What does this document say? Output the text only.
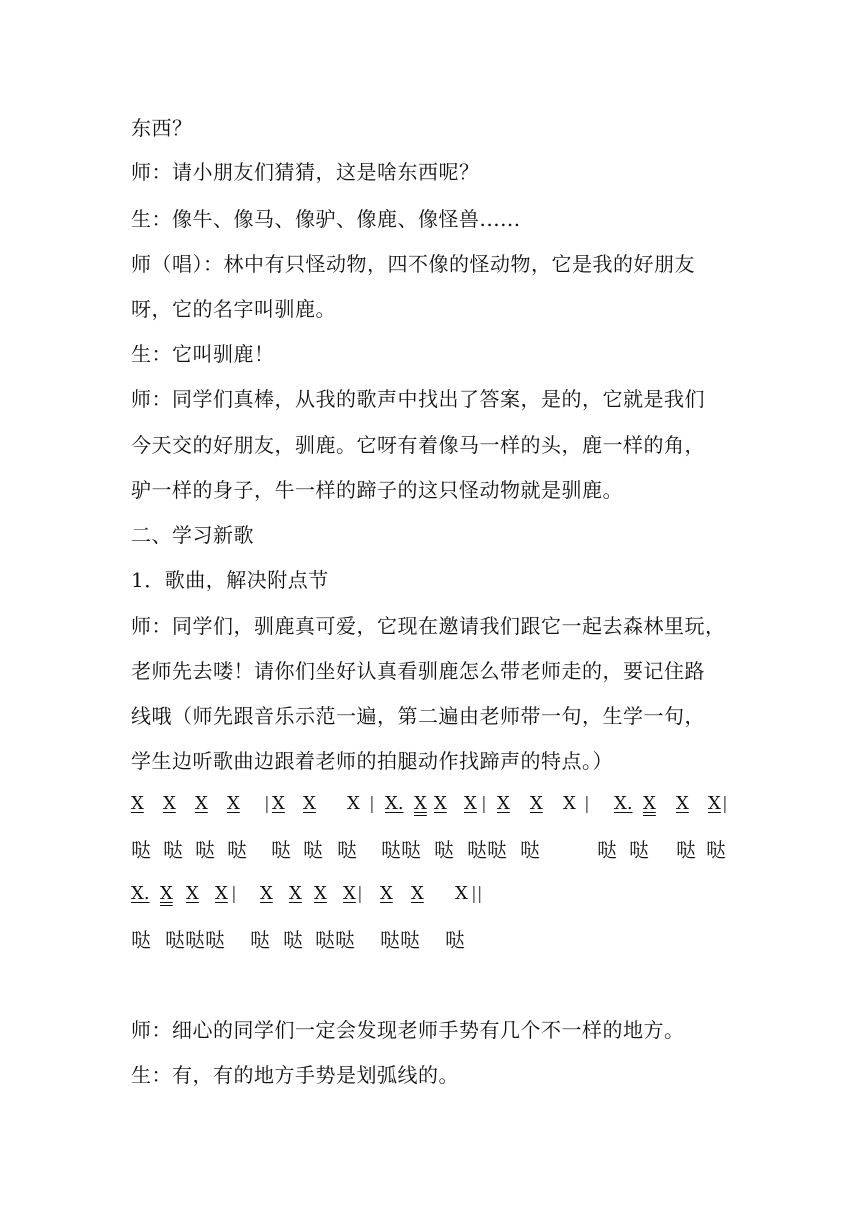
东西？
师：请小朋友们猜猜，这是啥东西呢？
生：像牛、像马、像驴、像鹿、像怪兽......
师（唱）：林中有只怪动物，四不像的怪动物，它是我的好朋友
呀，它的名字叫驯鹿。
生：它叫驯鹿！
师：同学们真棒，从我的歌声中找出了答案，是的，它就是我们
今天交的好朋友，驯鹿。它呀有着像马一样的头，鹿一样的角，
驴一样的身子，牛一样的蹄子的这只怪动物就是驯鹿。
二、学习新歌
1．歌曲，解决附点节
师：同学们，驯鹿真可爱，它现在邀请我们跟它一起去森林里玩，
老师先去喽！请你们坐好认真看驯鹿怎么带老师走的，要记住路
线哦（师先跟音乐示范一遍，第二遍由老师带一句，生学一句，
学生边听歌曲边跟着老师的拍腿动作找蹄声的特点。）
X X X X | X X X | X. X X X | X X X | X. X X X |
哒 哒 哒 哒 哒 哒 哒 哒哒 哒 哒哒 哒	哒 哒 哒 哒
X. X X X | X X X X | X X X ||
哒 哒哒哒 哒 哒 哒哒 哒哒 哒
师：细心的同学们一定会发现老师手势有几个不一样的地方。
生：有，有的地方手势是划弧线的。
